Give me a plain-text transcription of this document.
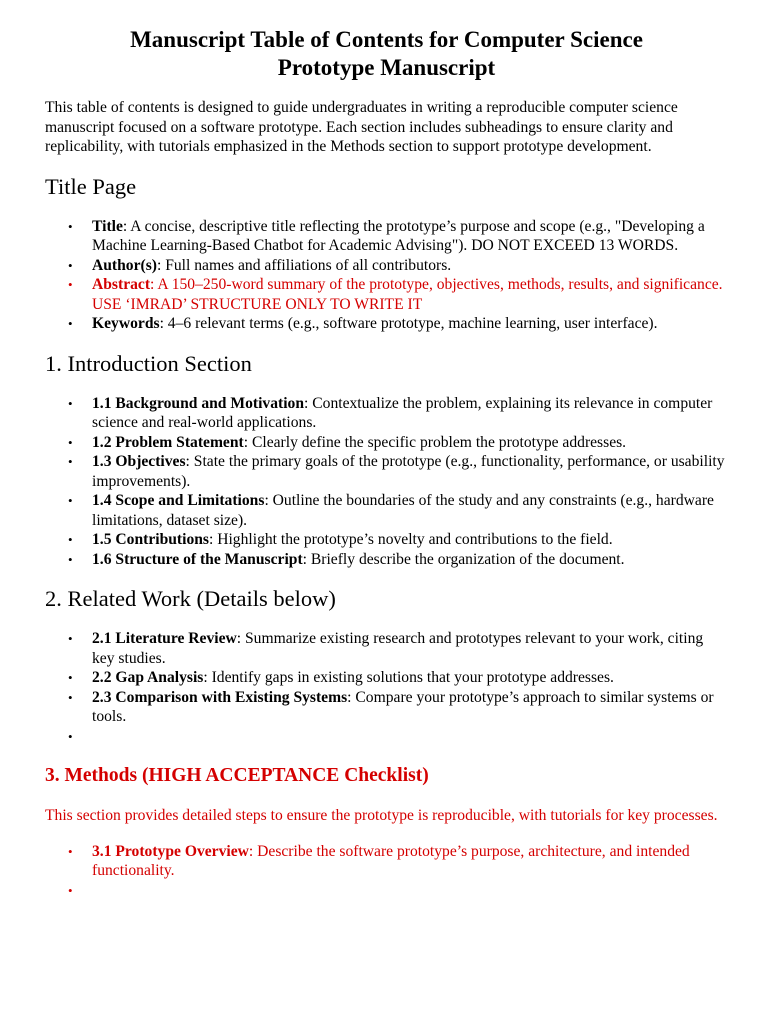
Manuscript Table of Contents for Computer Science
Prototype Manuscript

This table of contents is designed to guide undergraduates in writing a reproducible computer science manuscript focused on a software prototype. Each section includes subheadings to ensure clarity and replicability, with tutorials emphasized in the Methods section to support prototype development.

Title Page
• Title: A concise, descriptive title reflecting the prototype’s purpose and scope (e.g., "Developing a Machine Learning-Based Chatbot for Academic Advising"). DO NOT EXCEED 13 WORDS.
• Author(s): Full names and affiliations of all contributors.
• Abstract: A 150–250-word summary of the prototype, objectives, methods, results, and significance. USE ‘IMRAD’ STRUCTURE ONLY TO WRITE IT
• Keywords: 4–6 relevant terms (e.g., software prototype, machine learning, user interface).
1. Introduction Section
• 1.1 Background and Motivation: Contextualize the problem, explaining its relevance in computer science and real-world applications.
• 1.2 Problem Statement: Clearly define the specific problem the prototype addresses.
• 1.3 Objectives: State the primary goals of the prototype (e.g., functionality, performance, or usability improvements).
• 1.4 Scope and Limitations: Outline the boundaries of the study and any constraints (e.g., hardware limitations, dataset size).
• 1.5 Contributions: Highlight the prototype’s novelty and contributions to the field.
• 1.6 Structure of the Manuscript: Briefly describe the organization of the document.
2. Related Work (Details below)
• 2.1 Literature Review: Summarize existing research and prototypes relevant to your work, citing key studies.
• 2.2 Gap Analysis: Identify gaps in existing solutions that your prototype addresses.
• 2.3 Comparison with Existing Systems: Compare your prototype’s approach to similar systems or tools.
•
3. Methods (HIGH ACCEPTANCE Checklist)

This section provides detailed steps to ensure the prototype is reproducible, with tutorials for key processes.

• 3.1 Prototype Overview: Describe the software prototype’s purpose, architecture, and intended functionality.
•
